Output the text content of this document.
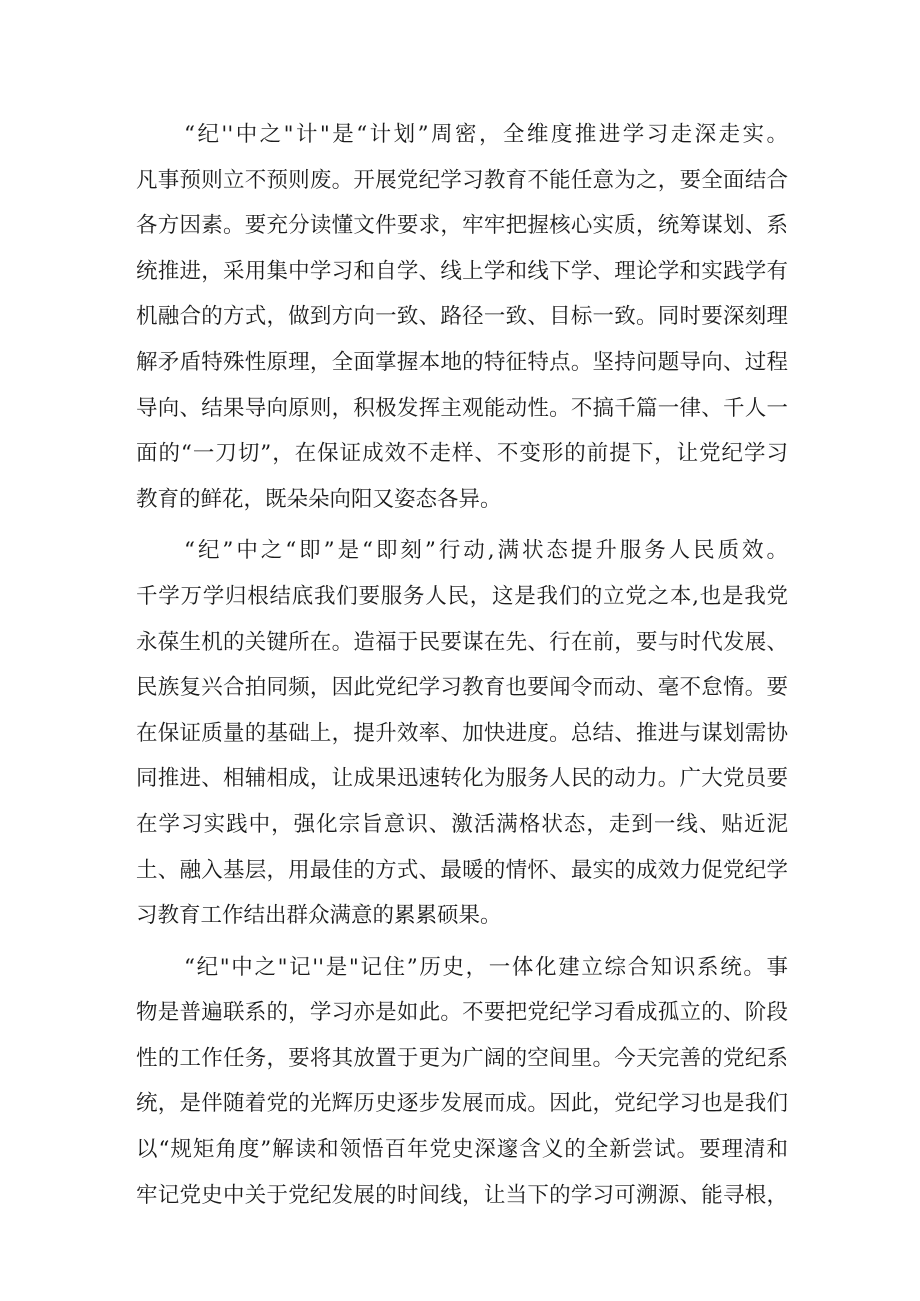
“纪''中之"计"是“计划”周密，全维度推进学习走深走实。
凡事预则立不预则废。开展党纪学习教育不能任意为之，要全面结合
各方因素。要充分读懂文件要求，牢牢把握核心实质，统筹谋划、系
统推进，采用集中学习和自学、线上学和线下学、理论学和实践学有
机融合的方式，做到方向一致、路径一致、目标一致。同时要深刻理
解矛盾特殊性原理，全面掌握本地的特征特点。坚持问题导向、过程
导向、结果导向原则，积极发挥主观能动性。不搞千篇一律、千人一
面的“一刀切”，在保证成效不走样、不变形的前提下，让党纪学习
教育的鲜花，既朵朵向阳又姿态各异。
“纪”中之“即”是“即刻”行动,满状态提升服务人民质效。
千学万学归根结底我们要服务人民，这是我们的立党之本,也是我党
永葆生机的关键所在。造福于民要谋在先、行在前，要与时代发展、
民族复兴合拍同频，因此党纪学习教育也要闻令而动、毫不怠惰。要
在保证质量的基础上，提升效率、加快进度。总结、推进与谋划需协
同推进、相辅相成，让成果迅速转化为服务人民的动力。广大党员要
在学习实践中，强化宗旨意识、激活满格状态，走到一线、贴近泥
土、融入基层，用最佳的方式、最暖的情怀、最实的成效力促党纪学
习教育工作结出群众满意的累累硕果。
“纪"中之"记''是"记住”历史，一体化建立综合知识系统。事
物是普遍联系的，学习亦是如此。不要把党纪学习看成孤立的、阶段
性的工作任务，要将其放置于更为广阔的空间里。今天完善的党纪系
统，是伴随着党的光辉历史逐步发展而成。因此，党纪学习也是我们
以“规矩角度”解读和领悟百年党史深邃含义的全新尝试。要理清和
牢记党史中关于党纪发展的时间线，让当下的学习可溯源、能寻根，
